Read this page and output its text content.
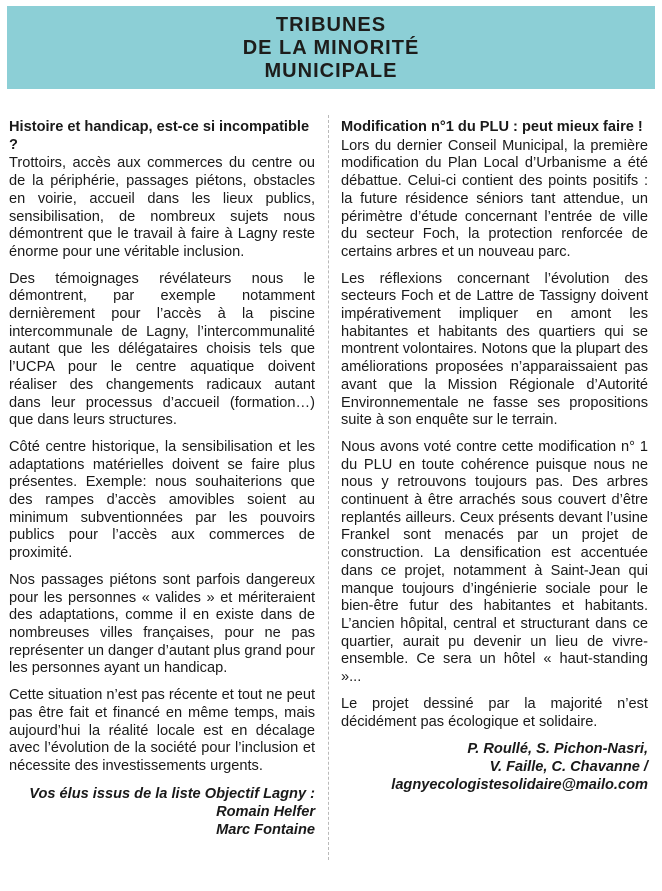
TRIBUNES
DE LA MINORITÉ
MUNICIPALE
Histoire et handicap, est-ce si incompatible ?

Trottoirs, accès aux commerces du centre ou de la périphérie, passages piétons, obstacles en voirie, accueil dans les lieux publics, sensibilisation, de nombreux sujets nous démontrent que le travail à faire à Lagny reste énorme pour une véritable inclusion.

Des témoignages révélateurs nous le démontrent, par exemple notamment dernièrement pour l’accès à la piscine intercommunale de Lagny, l’intercommunalité autant que les délégataires choisis tels que l’UCPA pour le centre aquatique doivent réaliser des changements radicaux autant dans leur processus d’accueil (formation…) que dans leurs structures.

Côté centre historique, la sensibilisation et les adaptations matérielles doivent se faire plus présentes. Exemple: nous souhaiterions que des rampes d’accès amovibles soient au minimum subventionnées par les pouvoirs publics pour l’accès aux commerces de proximité.

Nos passages piétons sont parfois dangereux pour les personnes « valides » et mériteraient des adaptations, comme il en existe dans de nombreuses villes françaises, pour ne pas représenter un danger d’autant plus grand pour les personnes ayant un handicap.

Cette situation n’est pas récente et tout ne peut pas être fait et financé en même temps, mais aujourd’hui la réalité locale est en décalage avec l’évolution de la société pour l’inclusion et nécessite des investissements urgents.

Vos élus issus de la liste Objectif Lagny :
Romain Helfer
Marc Fontaine
Modification n°1 du PLU : peut mieux faire !

Lors du dernier Conseil Municipal, la première modification du Plan Local d’Urbanisme a été débattue. Celui-ci contient des points positifs : la future résidence séniors tant attendue, un périmètre d’étude concernant l’entrée de ville du secteur Foch, la protection renforcée de certains arbres et un nouveau parc.

Les réflexions concernant l’évolution des secteurs Foch et de Lattre de Tassigny doivent impérativement impliquer en amont les habitantes et habitants des quartiers qui se montrent volontaires. Notons que la plupart des améliorations proposées n’apparaissaient pas avant que la Mission Régionale d’Autorité Environnementale ne fasse ses propositions suite à son enquête sur le terrain.

Nous avons voté contre cette modification n° 1 du PLU en toute cohérence puisque nous ne nous y retrouvons toujours pas. Des arbres continuent à être arrachés sous couvert d’être replantés ailleurs. Ceux présents devant l’usine Frankel sont menacés par un projet de construction. La densification est accentuée dans ce projet, notamment à Saint-Jean qui manque toujours d’ingénierie sociale pour le bien-être futur des habitantes et habitants. L’ancien hôpital, central et structurant dans ce quartier, aurait pu devenir un lieu de vivre-ensemble. Ce sera un hôtel « haut-standing »...

Le projet dessiné par la majorité n’est décidément pas écologique et solidaire.

P. Roullé, S. Pichon-Nasri,
V. Faille, C. Chavanne /
lagnyecologistesolidaire@mailo.com
